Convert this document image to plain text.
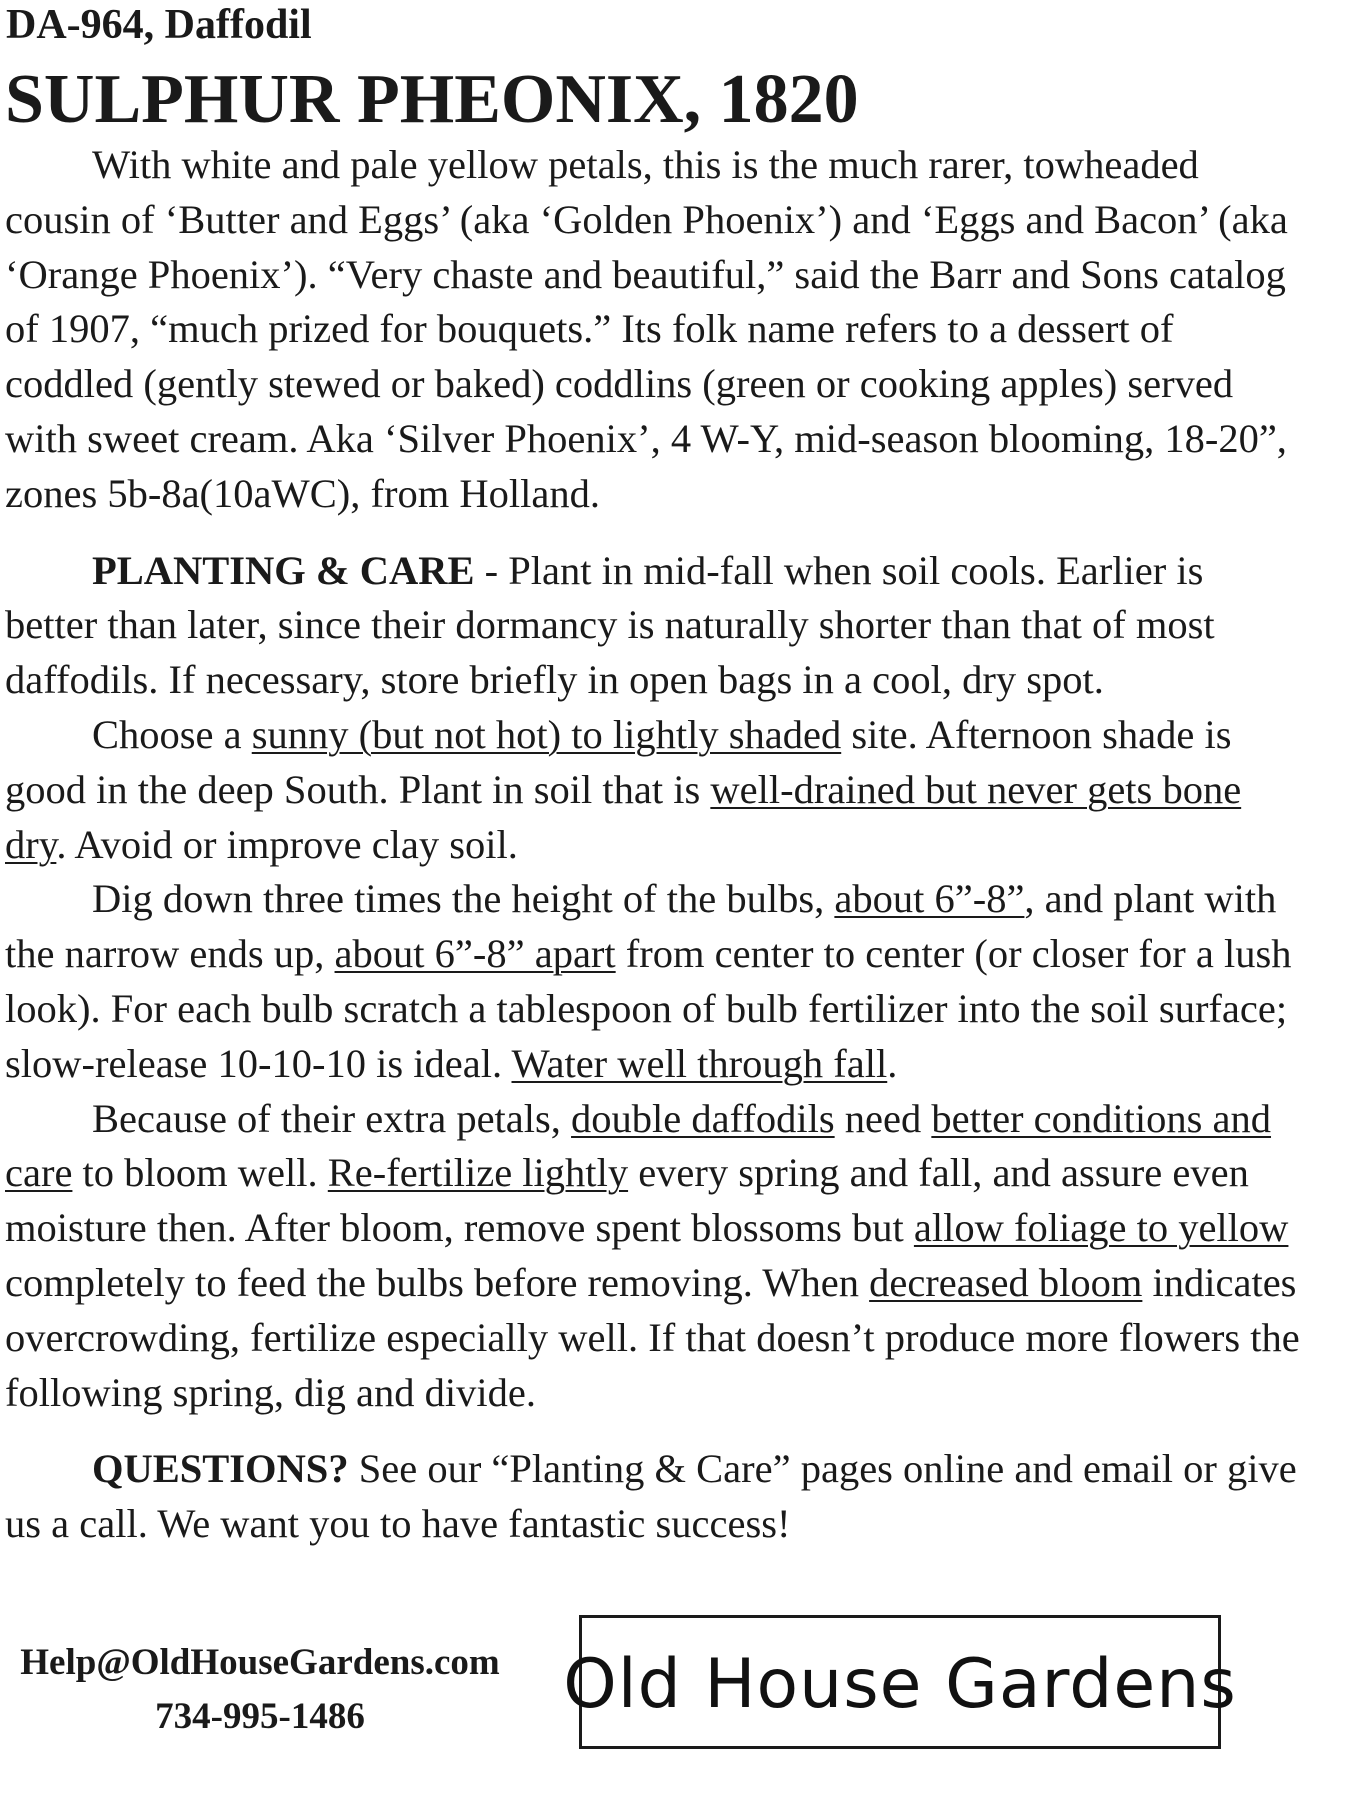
DA-964, Daffodil
SULPHUR PHEONIX, 1820

With white and pale yellow petals, this is the much rarer, towheaded cousin of ‘Butter and Eggs’ (aka ‘Golden Phoenix’) and ‘Eggs and Bacon’ (aka ‘Orange Phoenix’). “Very chaste and beautiful,” said the Barr and Sons catalog of 1907, “much prized for bouquets.” Its folk name refers to a dessert of coddled (gently stewed or baked) coddlins (green or cooking apples) served with sweet cream. Aka ‘Silver Phoenix’, 4 W-Y, mid-season blooming, 18-20”, zones 5b-8a(10aWC), from Holland.

PLANTING & CARE - Plant in mid-fall when soil cools. Earlier is better than later, since their dormancy is naturally shorter than that of most daffodils. If necessary, store briefly in open bags in a cool, dry spot.

Choose a sunny (but not hot) to lightly shaded site. Afternoon shade is good in the deep South. Plant in soil that is well-drained but never gets bone dry. Avoid or improve clay soil.

Dig down three times the height of the bulbs, about 6”-8”, and plant with the narrow ends up, about 6”-8” apart from center to center (or closer for a lush look). For each bulb scratch a tablespoon of bulb fertilizer into the soil surface; slow-release 10-10-10 is ideal. Water well through fall.

Because of their extra petals, double daffodils need better conditions and care to bloom well. Re-fertilize lightly every spring and fall, and assure even moisture then. After bloom, remove spent blossoms but allow foliage to yellow completely to feed the bulbs before removing. When decreased bloom indicates overcrowding, fertilize especially well. If that doesn’t produce more flowers the following spring, dig and divide.

QUESTIONS? See our “Planting & Care” pages online and email or give us a call. We want you to have fantastic success!

Help@OldHouseGardens.com
734-995-1486	Old House Gardens
